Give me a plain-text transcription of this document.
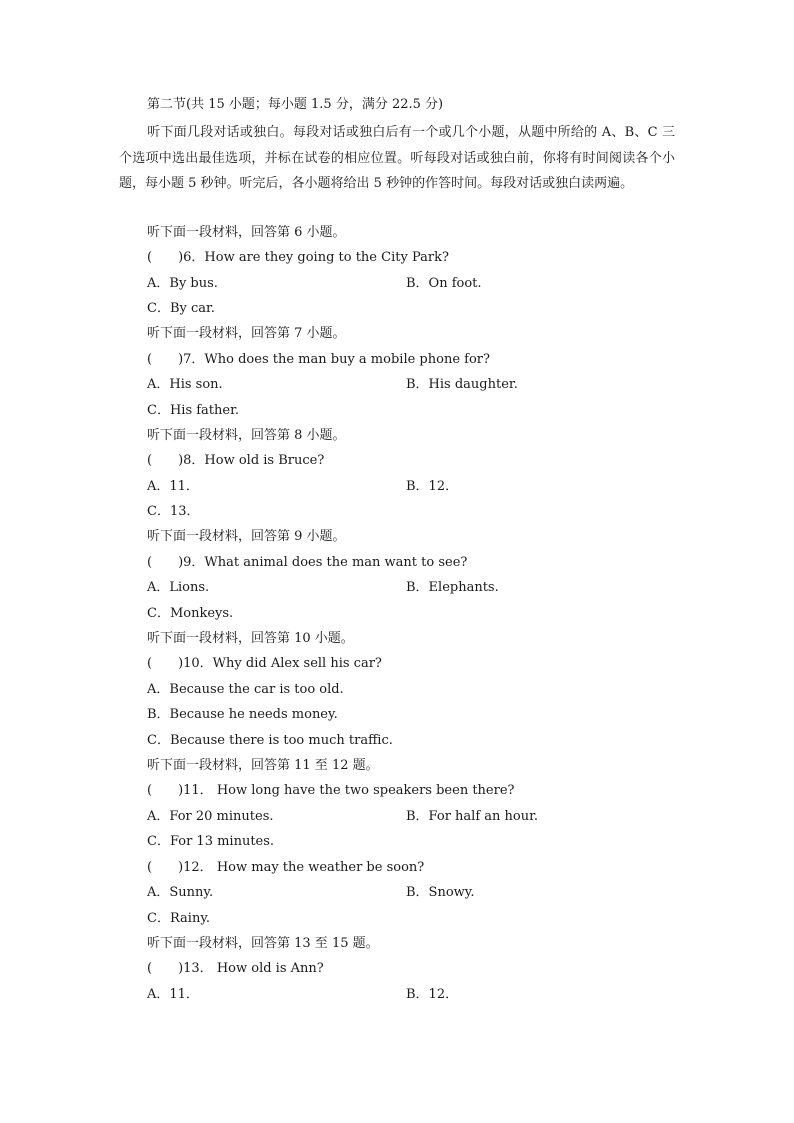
第二节(共 15 小题；每小题 1.5 分，满分 22.5 分)
听下面几段对话或独白。每段对话或独白后有一个或几个小题，从题中所给的 A、B、C 三个选项中选出最佳选项，并标在试卷的相应位置。听每段对话或独白前，你将有时间阅读各个小题，每小题 5 秒钟。听完后，各小题将给出 5 秒钟的作答时间。每段对话或独白读两遍。
听下面一段材料，回答第 6 小题。
(　　)6．How are they going to the City Park?
A．By bus.	B．On foot.
C．By car.
听下面一段材料，回答第 7 小题。
(　　)7．Who does the man buy a mobile phone for?
A．His son.	B．His daughter.
C．His father.
听下面一段材料，回答第 8 小题。
(　　)8．How old is Bruce?
A．11．	B．12．
C．13．
听下面一段材料，回答第 9 小题。
(　　)9．What animal does the man want to see?
A．Lions.	B．Elephants.
C．Monkeys.
听下面一段材料，回答第 10 小题。
(　　)10．Why did Alex sell his car?
A．Because the car is too old.
B．Because he needs money.
C．Because there is too much traffic.
听下面一段材料，回答第 11 至 12 题。
(　　)11． How long have the two speakers been there?
A．For 20 minutes.	B．For half an hour.
C．For 13 minutes.
(　　)12． How may the weather be soon?
A．Sunny.	B．Snowy.
C．Rainy.
听下面一段材料，回答第 13 至 15 题。
(　　)13． How old is Ann?
A．11．	B．12．
